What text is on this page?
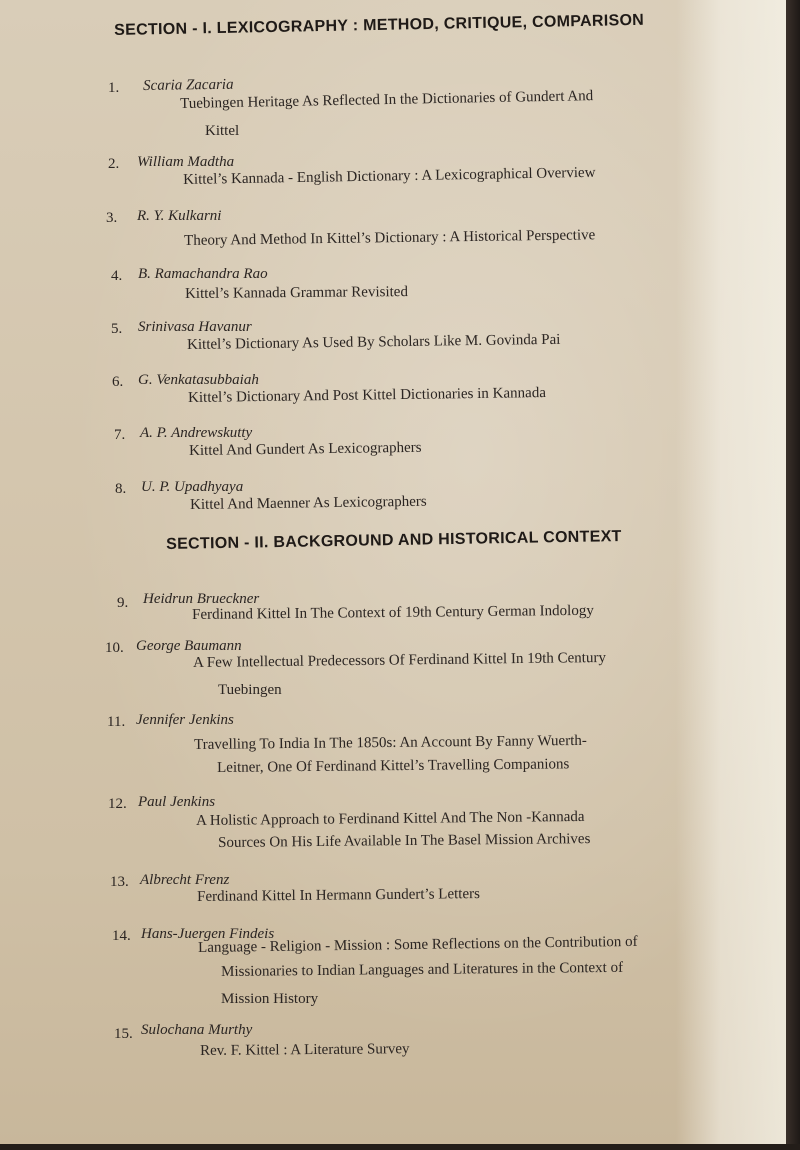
SECTION - I. LEXICOGRAPHY : METHOD, CRITIQUE, COMPARISON
SECTION - II. BACKGROUND AND HISTORICAL CONTEXT
1. Scaria Zacaria
Tuebingen Heritage As Reflected In the Dictionaries of Gundert And
Kittel
2. William Madtha
Kittel’s Kannada - English Dictionary : A Lexicographical Overview
3. R. Y. Kulkarni
Theory And Method In Kittel’s Dictionary : A Historical Perspective
4. B. Ramachandra Rao
Kittel’s Kannada Grammar Revisited
5. Srinivasa Havanur
Kittel’s Dictionary As Used By Scholars Like M. Govinda Pai
6. G. Venkatasubbaiah
Kittel’s Dictionary And Post Kittel Dictionaries in Kannada
7. A. P. Andrewskutty
Kittel And Gundert As Lexicographers
8. U. P. Upadhyaya
Kittel And Maenner As Lexicographers
9. Heidrun Brueckner
Ferdinand Kittel In The Context of 19th Century German Indology
10. George Baumann
A Few Intellectual Predecessors Of Ferdinand Kittel In 19th Century
Tuebingen
11. Jennifer Jenkins
Travelling To India In The 1850s: An Account By Fanny Wuerth-
Leitner, One Of Ferdinand Kittel’s Travelling Companions
12. Paul Jenkins
A Holistic Approach to Ferdinand Kittel And The Non -Kannada
Sources On His Life Available In The Basel Mission Archives
13. Albrecht Frenz
Ferdinand Kittel In Hermann Gundert’s Letters
14. Hans-Juergen Findeis
Language - Religion - Mission : Some Reflections on the Contribution of
Missionaries to Indian Languages and Literatures in the Context of
Mission History
15. Sulochana Murthy
Rev. F. Kittel : A Literature Survey
